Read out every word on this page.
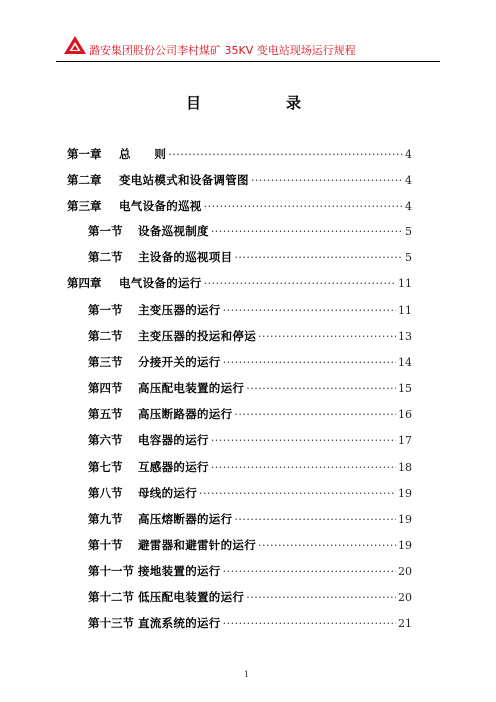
潞安集团股份公司李村煤矿 35KV 变电站现场运行规程
目	录
第一章	总　　则 ·····	4
第二章	变电站模式和设备调管图 ·····	4
第三章	电气设备的巡视 ·····	4
第一节	设备巡视制度 ·····	5
第二节	主设备的巡视项目 ·····	5
第四章	电气设备的运行 ·····	11
第一节	主变压器的运行 ·····	11
第二节	主变压器的投运和停运 ·····	13
第三节	分接开关的运行 ·····	14
第四节	高压配电装置的运行 ·····	15
第五节	高压断路器的运行 ·····	16
第六节	电容器的运行 ·····	17
第七节	互感器的运行 ·····	18
第八节	母线的运行 ·····	19
第九节	高压熔断器的运行 ·····	19
第十节	避雷器和避雷针的运行 ·····	19
第十一节 接地装置的运行 ·····	20
第十二节 低压配电装置的运行 ·····	20
第十三节 直流系统的运行 ·····	21
1
